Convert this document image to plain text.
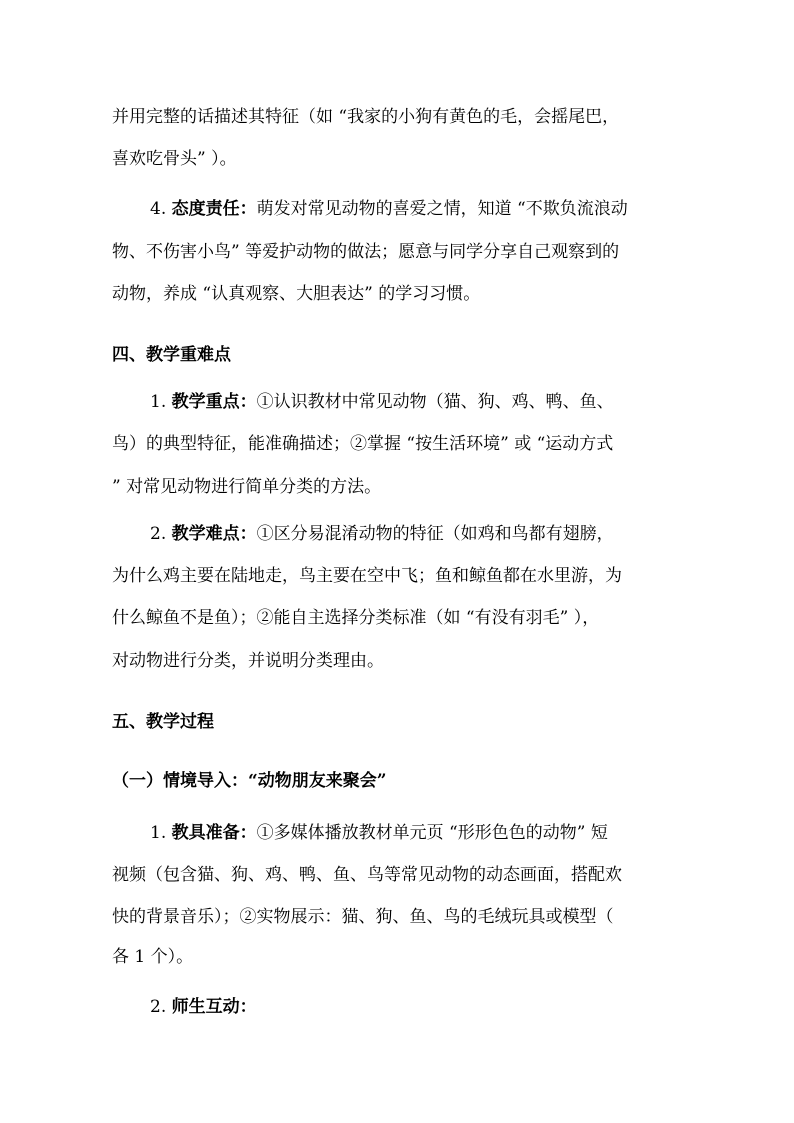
并用完整的话描述其特征（如 “我家的小狗有黄色的毛，会摇尾巴，
喜欢吃骨头” ）。
4. 态度责任：萌发对常见动物的喜爱之情，知道 “不欺负流浪动
物、不伤害小鸟” 等爱护动物的做法；愿意与同学分享自己观察到的
动物，养成 “认真观察、大胆表达” 的学习习惯。
四、教学重难点
1. 教学重点：①认识教材中常见动物（猫、狗、鸡、鸭、鱼、
鸟）的典型特征，能准确描述；②掌握 “按生活环境” 或 “运动方式
” 对常见动物进行简单分类的方法。
2. 教学难点：①区分易混淆动物的特征（如鸡和鸟都有翅膀，
为什么鸡主要在陆地走，鸟主要在空中飞；鱼和鲸鱼都在水里游，为
什么鲸鱼不是鱼）；②能自主选择分类标准（如 “有没有羽毛” ），
对动物进行分类，并说明分类理由。
五、教学过程
（一）情境导入：“动物朋友来聚会”
1. 教具准备：①多媒体播放教材单元页 “形形色色的动物” 短
视频（包含猫、狗、鸡、鸭、鱼、鸟等常见动物的动态画面，搭配欢
快的背景音乐）；②实物展示：猫、狗、鱼、鸟的毛绒玩具或模型（
各 1 个）。
2. 师生互动：
